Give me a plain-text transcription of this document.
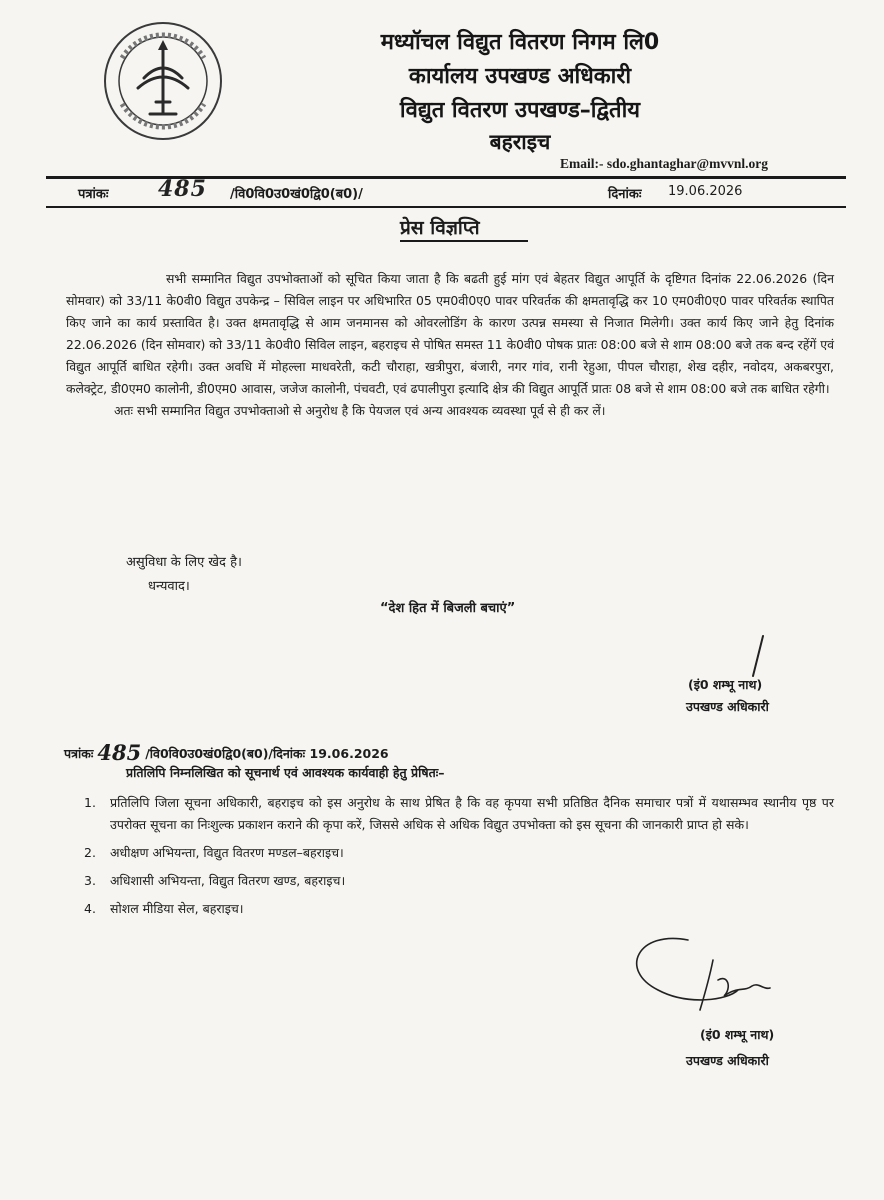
मध्यॉचल विद्युत वितरण निगम लि0
कार्यालय उपखण्ड अधिकारी
विद्युत वितरण उपखण्ड–द्वितीय
बहराइच
Email:- sdo.ghantaghar@mvvnl.org
पत्रांकः 485 /वि0वि0उ0खं0द्वि0(ब0)/	दिनांकः 19.06.2026
प्रेस विज्ञप्ति

सभी सम्मानित विद्युत उपभोक्ताओं को सूचित किया जाता है कि बढती हुई मांग एवं बेहतर विद्युत आपूर्ति के दृष्टिगत दिनांक 22.06.2026 (दिन सोमवार) को 33/11 के0वी0 विद्युत उपकेन्द्र – सिविल लाइन पर अधिभारित 05 एम0वी0ए0 पावर परिवर्तक की क्षमतावृद्धि कर 10 एम0वी0ए0 पावर परिवर्तक स्थापित किए जाने का कार्य प्रस्तावित है। उक्त क्षमतावृद्धि से आम जनमानस को ओवरलोडिंग के कारण उत्पन्न समस्या से निजात मिलेगी। उक्त कार्य किए जाने हेतु दिनांक 22.06.2026 (दिन सोमवार) को 33/11 के0वी0 सिविल लाइन, बहराइच से पोषित समस्त 11 के0वी0 पोषक प्रातः 08:00 बजे से शाम 08:00 बजे तक बन्द रहेंगें एवं विद्युत आपूर्ति बाधित रहेगी। उक्त अवधि में मोहल्ला माधवरेती, कटी चौराहा, खत्रीपुरा, बंजारी, नगर गांव, रानी रेहुआ, पीपल चौराहा, शेख दहीर, नवोदय, अकबरपुरा, कलेक्ट्रेट, डी0एम0 कालोनी, डी0एम0 आवास, जजेज कालोनी, पंचवटी, एवं ढपालीपुरा इत्यादि क्षेत्र की विद्युत आपूर्ति प्रातः 08 बजे से शाम 08:00 बजे तक बाधित रहेगी।

अतः सभी सम्मानित विद्युत उपभोक्ताओ से अनुरोध है कि पेयजल एवं अन्य आवश्यक व्यवस्था पूर्व से ही कर लें।

असुविधा के लिए खेद है।
धन्यवाद।
“देश हित में बिजली बचाएं”
(इं0 शम्भू नाथ)
उपखण्ड अधिकारी
पत्रांकः 485 /वि0वि0उ0खं0द्वि0(ब0)/दिनांकः 19.06.2026
प्रतिलिपि निम्नलिखित को सूचनार्थ एवं आवश्यक कार्यवाही हेतु प्रेषितः–
1. प्रतिलिपि जिला सूचना अधिकारी, बहराइच को इस अनुरोध के साथ प्रेषित है कि वह कृपया सभी प्रतिष्ठित दैनिक समाचार पत्रों में यथासम्भव स्थानीय पृष्ठ पर उपरोक्त सूचना का निःशुल्क प्रकाशन कराने की कृपा करें, जिससे अधिक से अधिक विद्युत उपभोक्ता को इस सूचना की जानकारी प्राप्त हो सके।
2. अधीक्षण अभियन्ता, विद्युत वितरण मण्डल–बहराइच।
3. अधिशासी अभियन्ता, विद्युत वितरण खण्ड, बहराइच।
4. सोशल मीडिया सेल, बहराइच।
(इं0 शम्भू नाथ)
उपखण्ड अधिकारी
